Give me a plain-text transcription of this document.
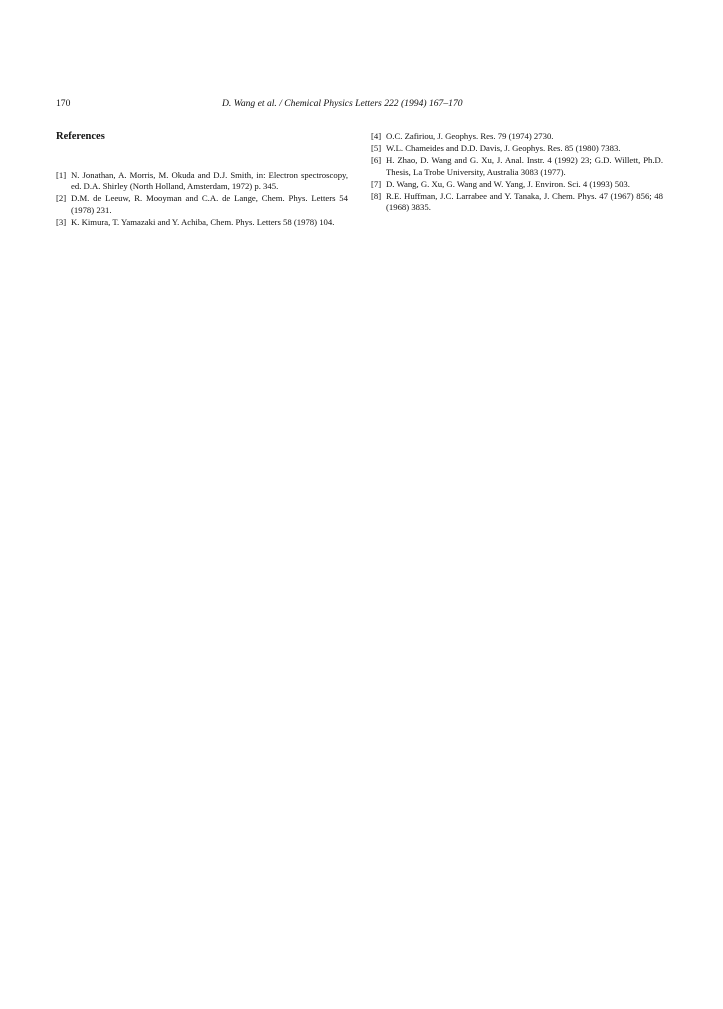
170	D. Wang et al. / Chemical Physics Letters 222 (1994) 167–170
References
[1] N. Jonathan, A. Morris, M. Okuda and D.J. Smith, in: Electron spectroscopy, ed. D.A. Shirley (North Holland, Amsterdam, 1972) p. 345.
[2] D.M. de Leeuw, R. Mooyman and C.A. de Lange, Chem. Phys. Letters 54 (1978) 231.
[3] K. Kimura, T. Yamazaki and Y. Achiba, Chem. Phys. Letters 58 (1978) 104.
[4] O.C. Zafiriou, J. Geophys. Res. 79 (1974) 2730.
[5] W.L. Chameides and D.D. Davis, J. Geophys. Res. 85 (1980) 7383.
[6] H. Zhao, D. Wang and G. Xu, J. Anal. Instr. 4 (1992) 23; G.D. Willett, Ph.D. Thesis, La Trobe University, Australia 3083 (1977).
[7] D. Wang, G. Xu, G. Wang and W. Yang, J. Environ. Sci. 4 (1993) 503.
[8] R.E. Huffman, J.C. Larrabee and Y. Tanaka, J. Chem. Phys. 47 (1967) 856; 48 (1968) 3835.
